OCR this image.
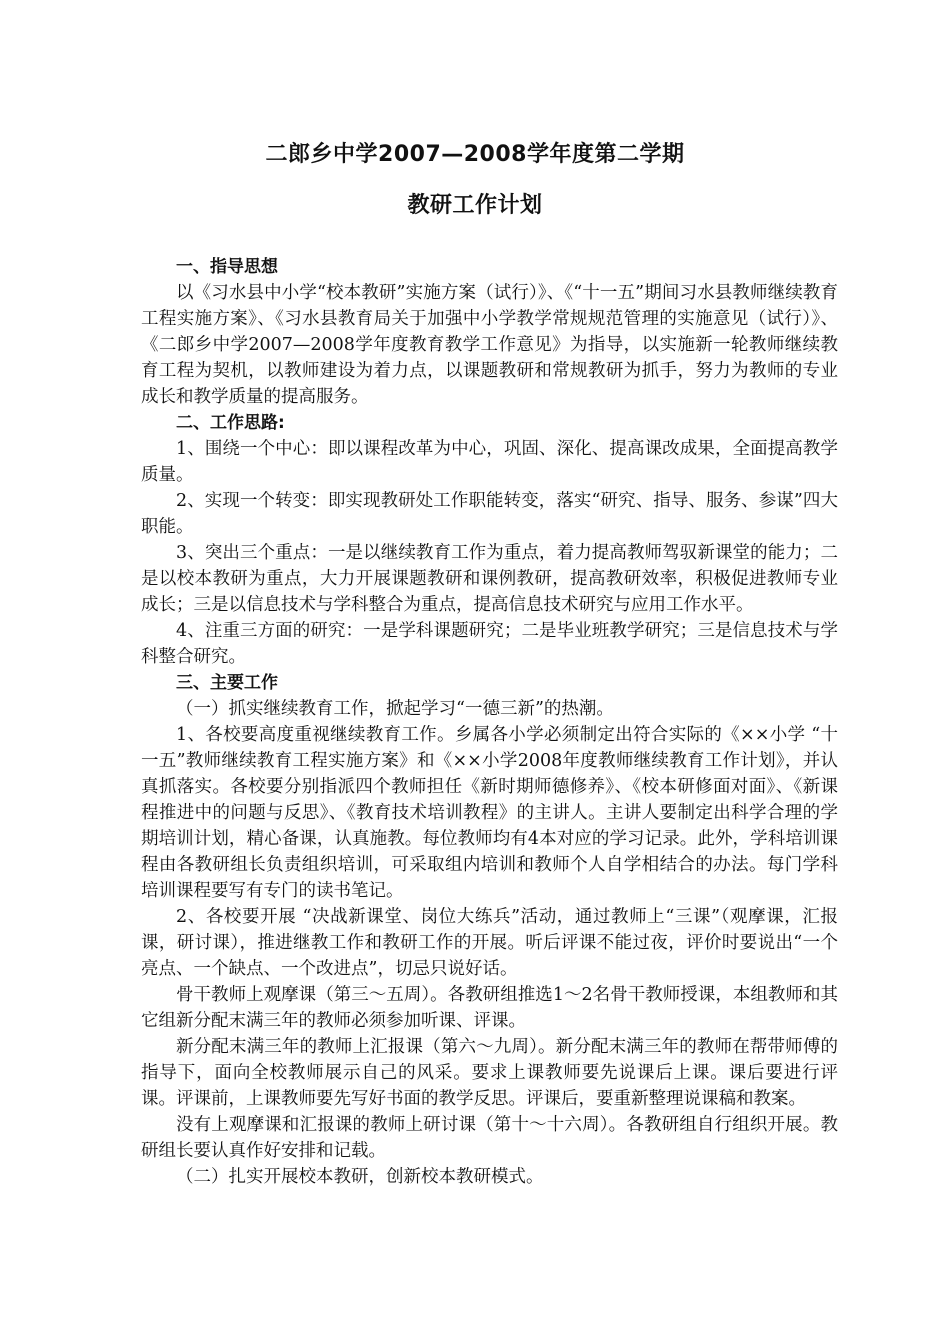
二郎乡中学2007—2008学年度第二学期
教研工作计划

一、指导思想

以《习水县中小学“校本教研”实施方案（试行）》、《“十一五”期间习水县教师继续教育工程实施方案》、《习水县教育局关于加强中小学教学常规规范管理的实施意见（试行）》、《二郎乡中学2007—2008学年度教育教学工作意见》为指导，以实施新一轮教师继续教育工程为契机，以教师建设为着力点，以课题教研和常规教研为抓手，努力为教师的专业成长和教学质量的提高服务。

二、工作思路:

1、围绕一个中心：即以课程改革为中心，巩固、深化、提高课改成果，全面提高教学质量。

2、实现一个转变：即实现教研处工作职能转变，落实“研究、指导、服务、参谋”四大职能。

3、突出三个重点：一是以继续教育工作为重点，着力提高教师驾驭新课堂的能力；二是以校本教研为重点，大力开展课题教研和课例教研，提高教研效率，积极促进教师专业成长；三是以信息技术与学科整合为重点，提高信息技术研究与应用工作水平。

4、注重三方面的研究：一是学科课题研究；二是毕业班教学研究；三是信息技术与学科整合研究。

三、主要工作

（一）抓实继续教育工作，掀起学习“一德三新”的热潮。

1、各校要高度重视继续教育工作。乡属各小学必须制定出符合实际的《××小学 “十一五”教师继续教育工程实施方案》和《××小学2008年度教师继续教育工作计划》，并认真抓落实。各校要分别指派四个教师担任《新时期师德修养》、《校本研修面对面》、《新课程推进中的问题与反思》、《教育技术培训教程》的主讲人。主讲人要制定出科学合理的学期培训计划，精心备课，认真施教。每位教师均有4本对应的学习记录。此外，学科培训课程由各教研组长负责组织培训，可采取组内培训和教师个人自学相结合的办法。每门学科培训课程要写有专门的读书笔记。

2、各校要开展 “决战新课堂、岗位大练兵”活动，通过教师上“三课”（观摩课，汇报课，研讨课），推进继教工作和教研工作的开展。听后评课不能过夜，评价时要说出“一个亮点、一个缺点、一个改进点”，切忌只说好话。

骨干教师上观摩课（第三～五周）。各教研组推选1～2名骨干教师授课，本组教师和其它组新分配末满三年的教师必须参加听课、评课。

新分配末满三年的教师上汇报课（第六～九周）。新分配末满三年的教师在帮带师傅的指导下，面向全校教师展示自己的风采。要求上课教师要先说课后上课。课后要进行评课。评课前，上课教师要先写好书面的教学反思。评课后，要重新整理说课稿和教案。

没有上观摩课和汇报课的教师上研讨课（第十～十六周）。各教研组自行组织开展。教研组长要认真作好安排和记载。

（二）扎实开展校本教研，创新校本教研模式。
